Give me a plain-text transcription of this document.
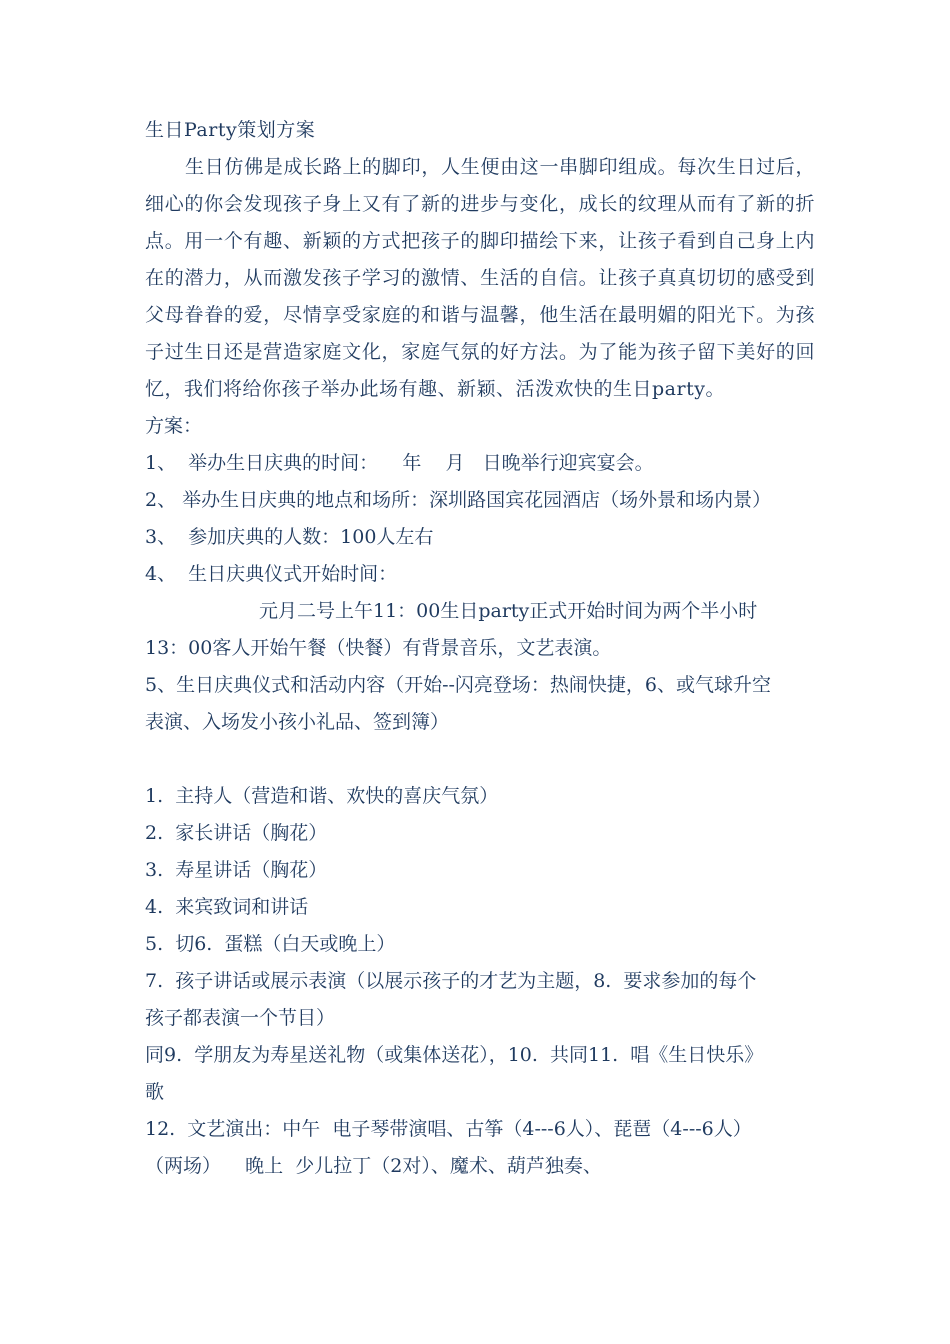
生日Party策划方案
生日仿佛是成长路上的脚印，人生便由这一串脚印组成。每次生日过后，细心的你会发现孩子身上又有了新的进步与变化，成长的纹理从而有了新的折点。用一个有趣、新颖的方式把孩子的脚印描绘下来，让孩子看到自己身上内在的潜力，从而激发孩子学习的激情、生活的自信。让孩子真真切切的感受到父母眷眷的爱，尽情享受家庭的和谐与温馨，他生活在最明媚的阳光下。为孩子过生日还是营造家庭文化，家庭气氛的好方法。为了能为孩子留下美好的回忆，我们将给你孩子举办此场有趣、新颖、活泼欢快的生日party。
方案：
1、  举办生日庆典的时间：    年    月   日晚举行迎宾宴会。
2、 举办生日庆典的地点和场所：深圳路国宾花园酒店（场外景和场内景）
3、  参加庆典的人数：100人左右
4、  生日庆典仪式开始时间：
元月二号上午11：00生日party正式开始时间为两个半小时
13：00客人开始午餐（快餐）有背景音乐，文艺表演。
5、生日庆典仪式和活动内容（开始--闪亮登场：热闹快捷，6、或气球升空
表演、入场发小孩小礼品、签到簿）
1.  主持人（营造和谐、欢快的喜庆气氛）
2.  家长讲话（胸花）
3.  寿星讲话（胸花）
4.  来宾致词和讲话
5.  切6.  蛋糕（白天或晚上）
7.  孩子讲话或展示表演（以展示孩子的才艺为主题，8.  要求参加的每个
孩子都表演一个节目）
同9.  学朋友为寿星送礼物（或集体送花），10.  共同11.  唱《生日快乐》
歌
12.  文艺演出：中午  电子琴带演唱、古筝（4---6人）、琵琶（4---6人）
（两场）    晚上  少儿拉丁（2对）、魔术、葫芦独奏、
